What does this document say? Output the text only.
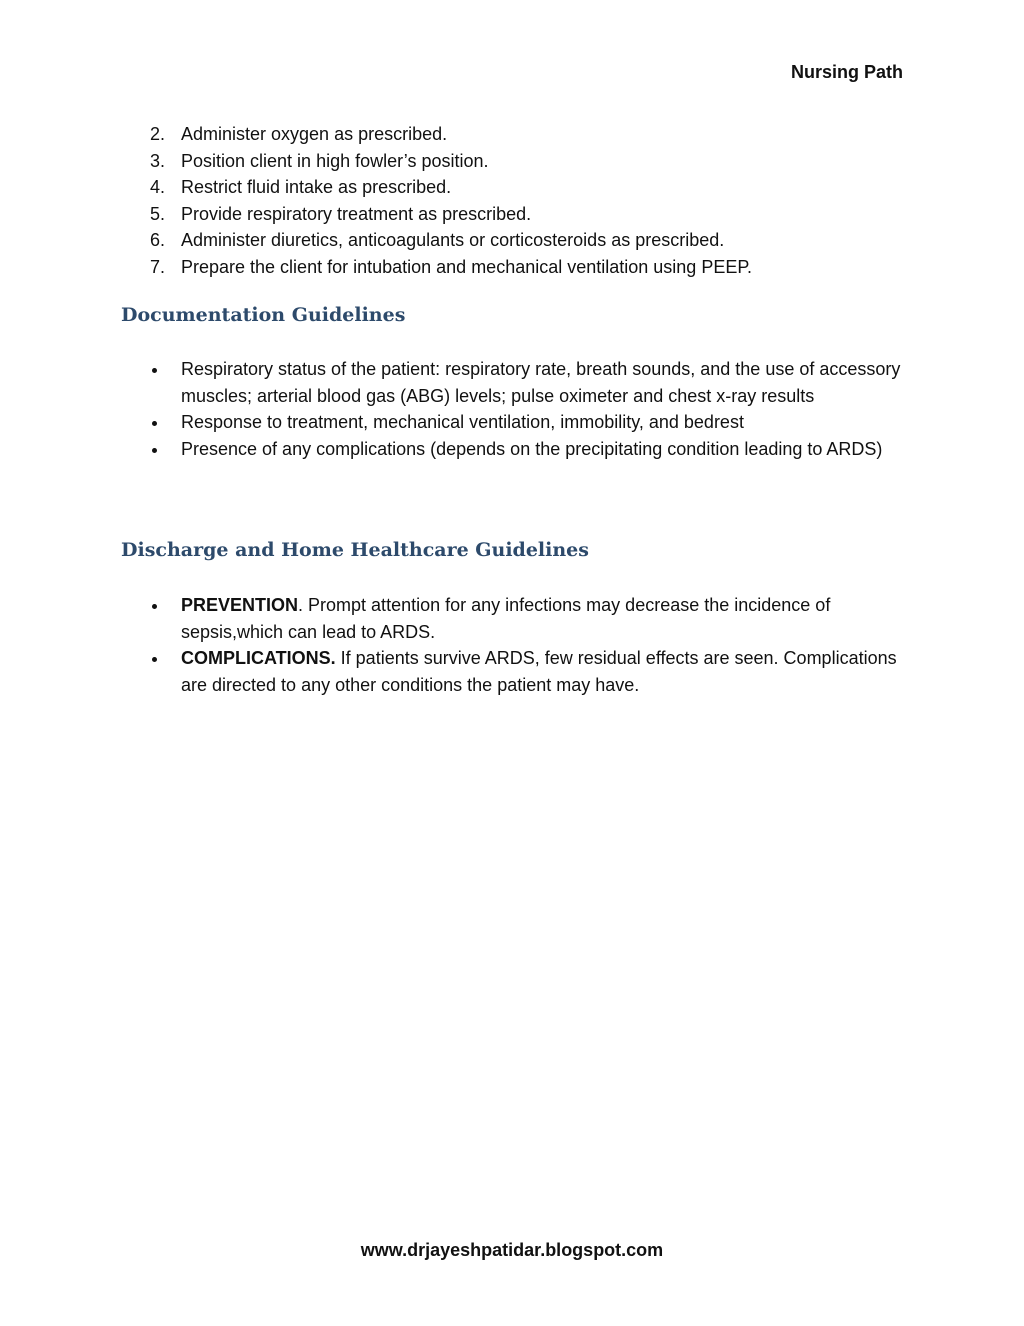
Nursing Path
2. Administer oxygen as prescribed.
3. Position client in high fowler’s position.
4. Restrict fluid intake as prescribed.
5. Provide respiratory treatment as prescribed.
6. Administer diuretics, anticoagulants or corticosteroids as prescribed.
7. Prepare the client for intubation and mechanical ventilation using PEEP.
Documentation Guidelines
Respiratory status of the patient: respiratory rate, breath sounds, and the use of accessory muscles; arterial blood gas (ABG) levels; pulse oximeter and chest x-ray results
Response to treatment, mechanical ventilation, immobility, and bedrest
Presence of any complications (depends on the precipitating condition leading to ARDS)
Discharge and Home Healthcare Guidelines
PREVENTION. Prompt attention for any infections may decrease the incidence of sepsis,which can lead to ARDS.
COMPLICATIONS. If patients survive ARDS, few residual effects are seen. Complications are directed to any other conditions the patient may have.
www.drjayeshpatidar.blogspot.com
